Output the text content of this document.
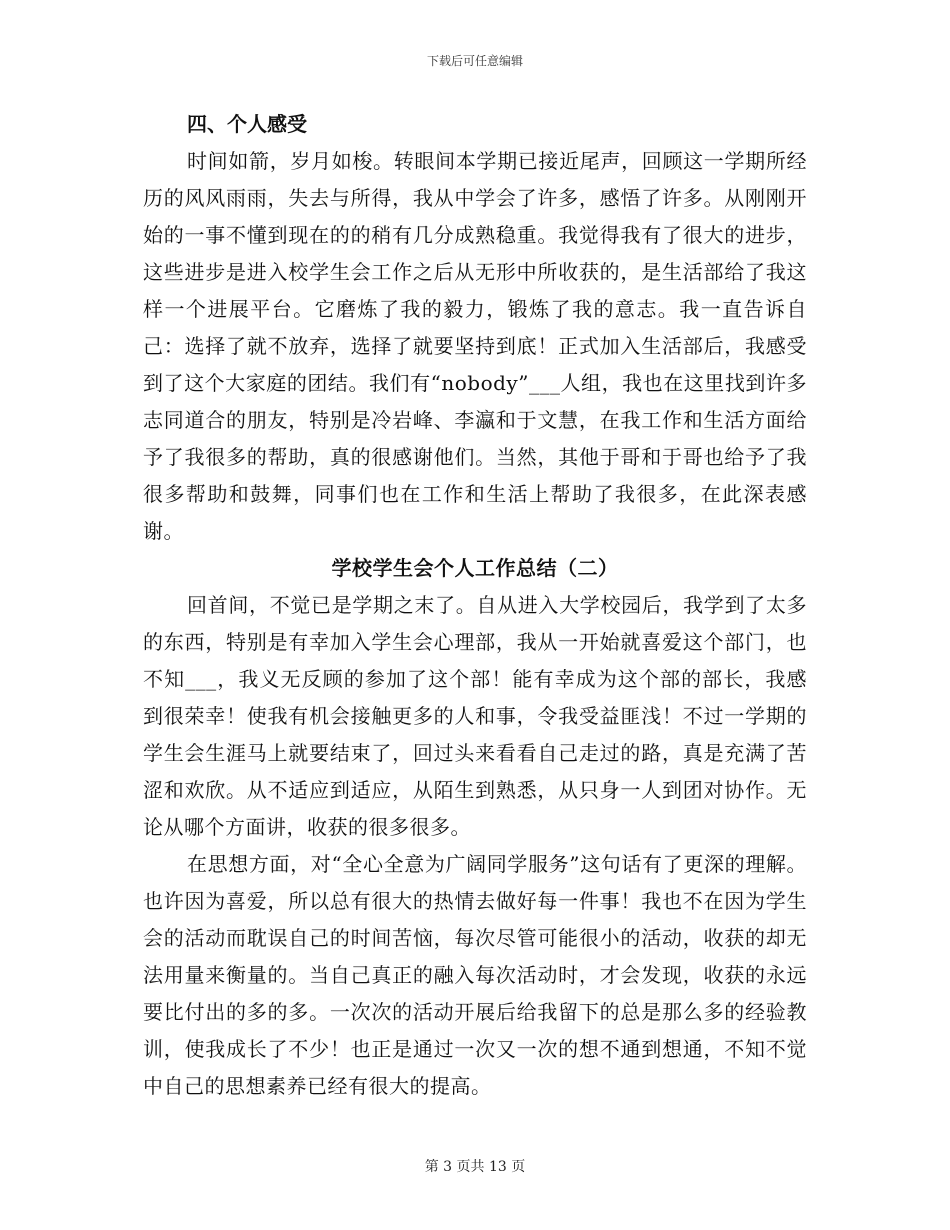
下载后可任意编辑

四、个人感受

时间如箭，岁月如梭。转眼间本学期已接近尾声，回顾这一学期所经历的风风雨雨，失去与所得，我从中学会了许多，感悟了许多。从刚刚开始的一事不懂到现在的的稍有几分成熟稳重。我觉得我有了很大的进步，这些进步是进入校学生会工作之后从无形中所收获的，是生活部给了我这样一个进展平台。它磨炼了我的毅力，锻炼了我的意志。我一直告诉自己：选择了就不放弃，选择了就要坚持到底！正式加入生活部后，我感受到了这个大家庭的团结。我们有“nobody”___人组，我也在这里找到许多志同道合的朋友，特别是冷岩峰、李瀛和于文慧，在我工作和生活方面给予了我很多的帮助，真的很感谢他们。当然，其他于哥和于哥也给予了我很多帮助和鼓舞，同事们也在工作和生活上帮助了我很多，在此深表感谢。

学校学生会个人工作总结（二）

回首间，不觉已是学期之末了。自从进入大学校园后，我学到了太多的东西，特别是有幸加入学生会心理部，我从一开始就喜爱这个部门，也不知___，我义无反顾的参加了这个部！能有幸成为这个部的部长，我感到很荣幸！使我有机会接触更多的人和事，令我受益匪浅！不过一学期的学生会生涯马上就要结束了，回过头来看看自己走过的路，真是充满了苦涩和欢欣。从不适应到适应，从陌生到熟悉，从只身一人到团对协作。无论从哪个方面讲，收获的很多很多。

在思想方面，对“全心全意为广阔同学服务”这句话有了更深的理解。也许因为喜爱，所以总有很大的热情去做好每一件事！我也不在因为学生会的活动而耽误自己的时间苦恼，每次尽管可能很小的活动，收获的却无法用量来衡量的。当自己真正的融入每次活动时，才会发现，收获的永远要比付出的多的多。一次次的活动开展后给我留下的总是那么多的经验教训，使我成长了不少！也正是通过一次又一次的想不通到想通，不知不觉中自己的思想素养已经有很大的提高。

第 3 页共 13 页
